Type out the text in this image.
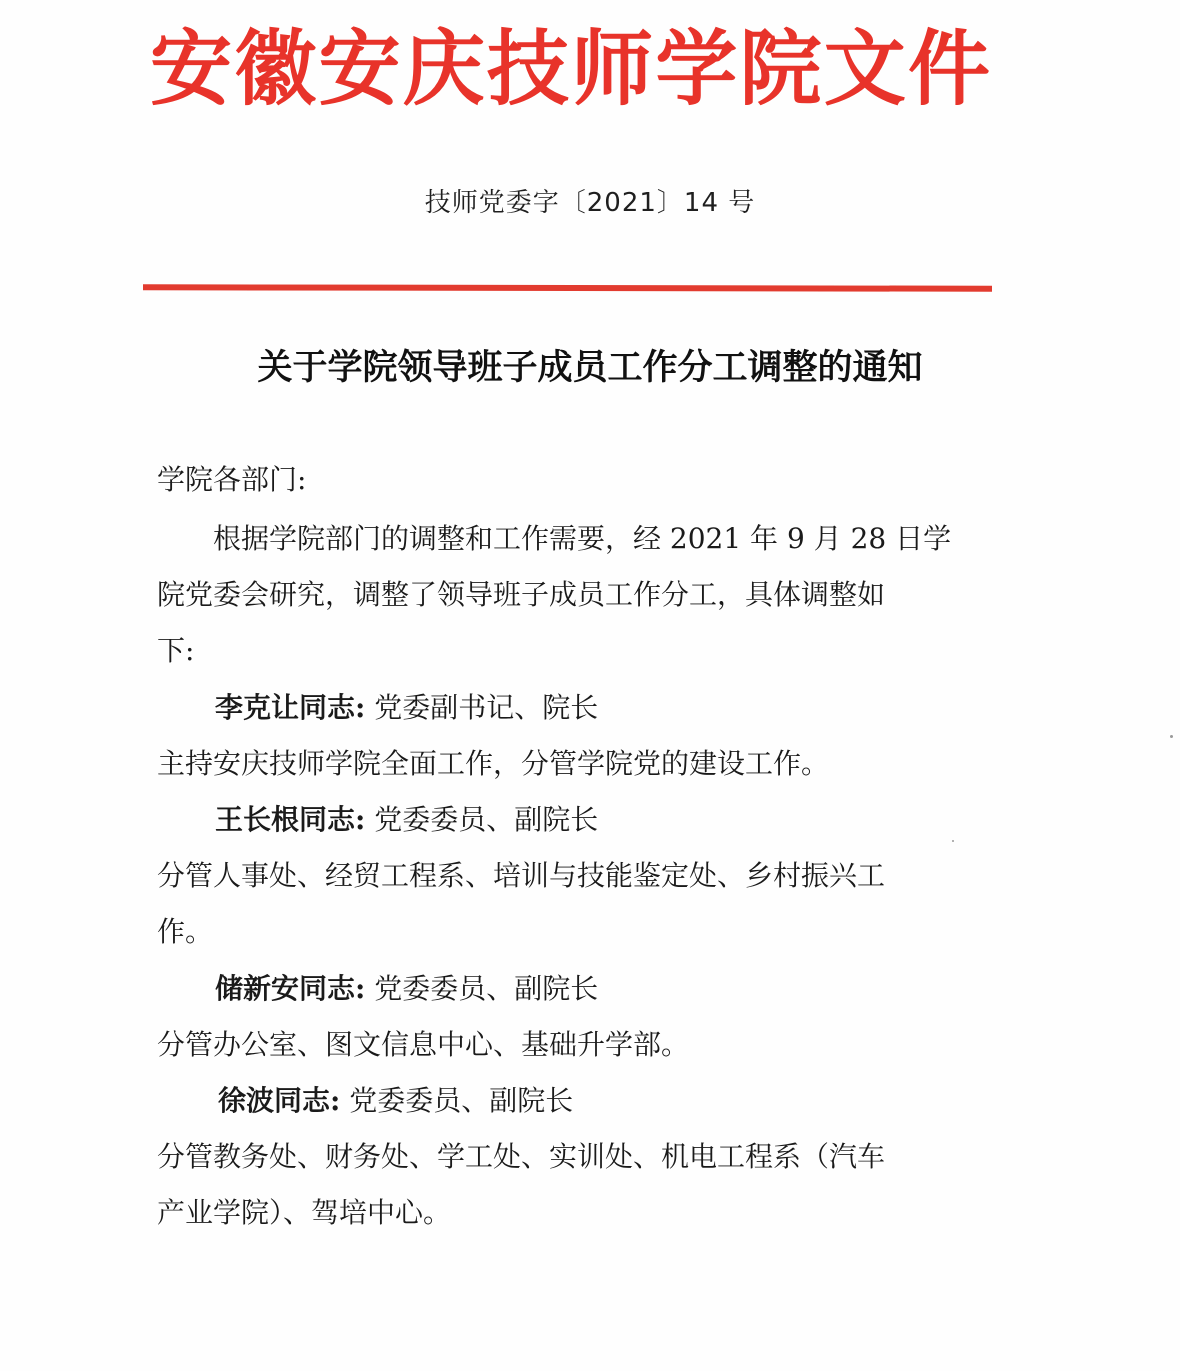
安 徽 安 庆 技 师 学 院 文 件
技师党委字〔2021〕14 号
关于学院领导班子成员工作分工调整的通知
学院各部门:
　　根据学院部门的调整和工作需要，经 2021 年 9 月 28 日学
院党委会研究，调整了领导班子成员工作分工，具体调整如
下:
李克让同志: 党委副书记、院长
主持安庆技师学院全面工作，分管学院党的建设工作。
王长根同志: 党委委员、副院长
分管人事处、经贸工程系、培训与技能鉴定处、乡村振兴工
作。
储新安同志: 党委委员、副院长
分管办公室、图文信息中心、基础升学部。
徐波同志: 党委委员、副院长
分管教务处、财务处、学工处、实训处、机电工程系（汽车
产业学院）、驾培中心。
